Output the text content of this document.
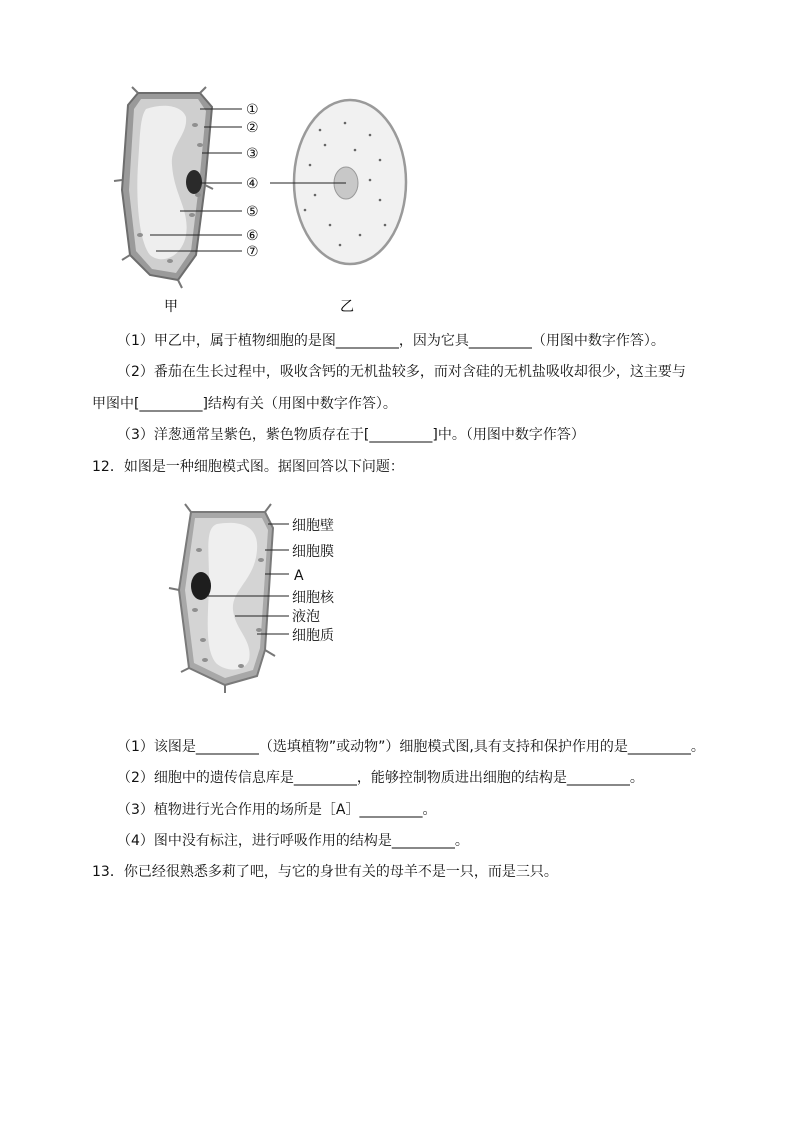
①
②
③
④
⑤
⑥
⑦
甲	乙
（1）甲乙中，属于植物细胞的是图_________，因为它具_________（用图中数字作答）。
（2）番茄在生长过程中，吸收含钙的无机盐较多，而对含硅的无机盐吸收却很少，这主要与
甲图中[_________]结构有关（用图中数字作答）。
（3）洋葱通常呈紫色，紫色物质存在于[_________]中。（用图中数字作答）
12．如图是一种细胞模式图。据图回答以下问题：
细胞壁
细胞膜
A
细胞核
液泡
细胞质
（1）该图是_________（选填植物”或动物”）细胞模式图,具有支持和保护作用的是_________。
（2）细胞中的遗传信息库是_________，能够控制物质进出细胞的结构是_________。
（3）植物进行光合作用的场所是［A］_________。
（4）图中没有标注，进行呼吸作用的结构是_________。
13．你已经很熟悉多莉了吧，与它的身世有关的母羊不是一只，而是三只。
